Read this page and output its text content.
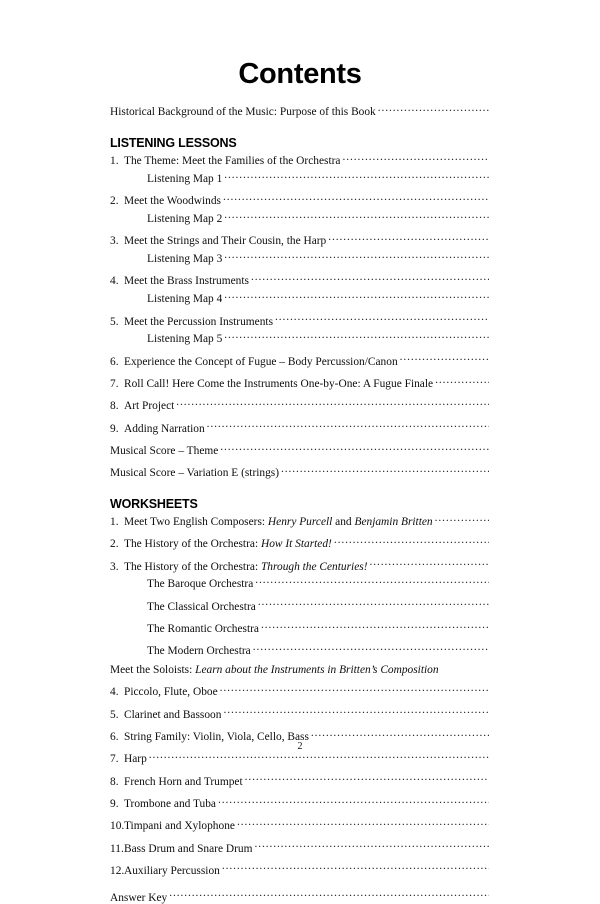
Contents
Historical Background of the Music: Purpose of this Book
.....
LISTENING LESSONS
1. The Theme: Meet the Families of the Orchestra
.....
Listening Map 1
.....
2. Meet the Woodwinds
.....
Listening Map 2
.....
3. Meet the Strings and Their Cousin, the Harp
.....
Listening Map 3
.....
4. Meet the Brass Instruments
.....
Listening Map 4
.....
5. Meet the Percussion Instruments
.....
Listening Map 5
.....
6. Experience the Concept of Fugue – Body Percussion/Canon
.....
7. Roll Call! Here Come the Instruments One-by-One: A Fugue Finale
.....
8. Art Project
.....
9. Adding Narration
.....
Musical Score – Theme
.....
Musical Score – Variation E (strings)
.....
WORKSHEETS
1. Meet Two English Composers: Henry Purcell and Benjamin Britten
.....
2. The History of the Orchestra: How It Started!
.....
3. The History of the Orchestra: Through the Centuries!
.....
The Baroque Orchestra
.....
The Classical Orchestra
.....
The Romantic Orchestra
.....
The Modern Orchestra
.....
Meet the Soloists: Learn about the Instruments in Britten’s Composition
4. Piccolo, Flute, Oboe
.....
5. Clarinet and Bassoon
.....
6. String Family: Violin, Viola, Cello, Bass
.....
7. Harp
.....
8. French Horn and Trumpet
.....
9. Trombone and Tuba
.....
10. Timpani and Xylophone
.....
11. Bass Drum and Snare Drum
.....
12. Auxiliary Percussion
.....
Answer Key
.....
2
